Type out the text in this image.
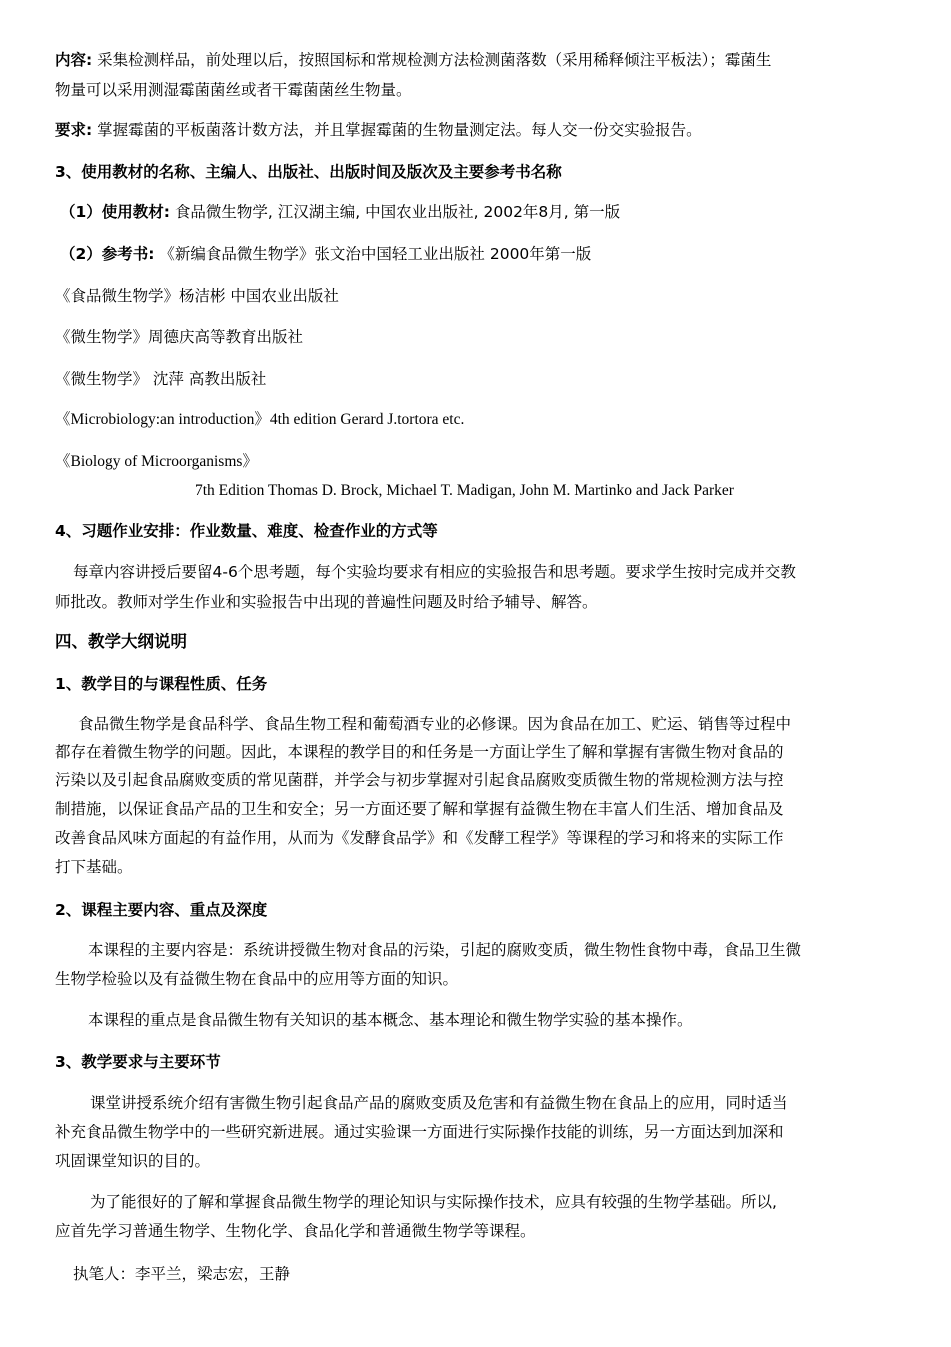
内容: 采集检测样品，前处理以后，按照国标和常规检测方法检测菌落数（采用稀释倾注平板法）；霉菌生
物量可以采用测湿霉菌菌丝或者干霉菌菌丝生物量。
要求: 掌握霉菌的平板菌落计数方法，并且掌握霉菌的生物量测定法。每人交一份交实验报告。
3、使用教材的名称、主编人、出版社、出版时间及版次及主要参考书名称
（1）使用教材: 食品微生物学, 江汉湖主编, 中国农业出版社, 2002年8月, 第一版
（2）参考书: 《新编食品微生物学》张文治中国轻工业出版社 2000年第一版
《食品微生物学》杨洁彬 中国农业出版社
《微生物学》周德庆高等教育出版社
《微生物学》 沈萍 高教出版社
《Microbiology:an introduction》4th edition Gerard J.tortora etc.
《Biology of Microorganisms》
7th Edition Thomas D. Brock, Michael T. Madigan, John M. Martinko and Jack Parker
4、习题作业安排：作业数量、难度、检查作业的方式等
每章内容讲授后要留4-6个思考题，每个实验均要求有相应的实验报告和思考题。要求学生按时完成并交教
师批改。教师对学生作业和实验报告中出现的普遍性问题及时给予辅导、解答。
四、教学大纲说明
1、教学目的与课程性质、任务
食品微生物学是食品科学、食品生物工程和葡萄酒专业的必修课。因为食品在加工、贮运、销售等过程中
都存在着微生物学的问题。因此，本课程的教学目的和任务是一方面让学生了解和掌握有害微生物对食品的
污染以及引起食品腐败变质的常见菌群，并学会与初步掌握对引起食品腐败变质微生物的常规检测方法与控
制措施，以保证食品产品的卫生和安全；另一方面还要了解和掌握有益微生物在丰富人们生活、增加食品及
改善食品风味方面起的有益作用，从而为《发酵食品学》和《发酵工程学》等课程的学习和将来的实际工作
打下基础。
2、课程主要内容、重点及深度
本课程的主要内容是：系统讲授微生物对食品的污染，引起的腐败变质，微生物性食物中毒，食品卫生微
生物学检验以及有益微生物在食品中的应用等方面的知识。
本课程的重点是食品微生物有关知识的基本概念、基本理论和微生物学实验的基本操作。
3、教学要求与主要环节
课堂讲授系统介绍有害微生物引起食品产品的腐败变质及危害和有益微生物在食品上的应用，同时适当
补充食品微生物学中的一些研究新进展。通过实验课一方面进行实际操作技能的训练，另一方面达到加深和
巩固课堂知识的目的。
为了能很好的了解和掌握食品微生物学的理论知识与实际操作技术，应具有较强的生物学基础。所以,
应首先学习普通生物学、生物化学、食品化学和普通微生物学等课程。
执笔人：李平兰，梁志宏，王静
